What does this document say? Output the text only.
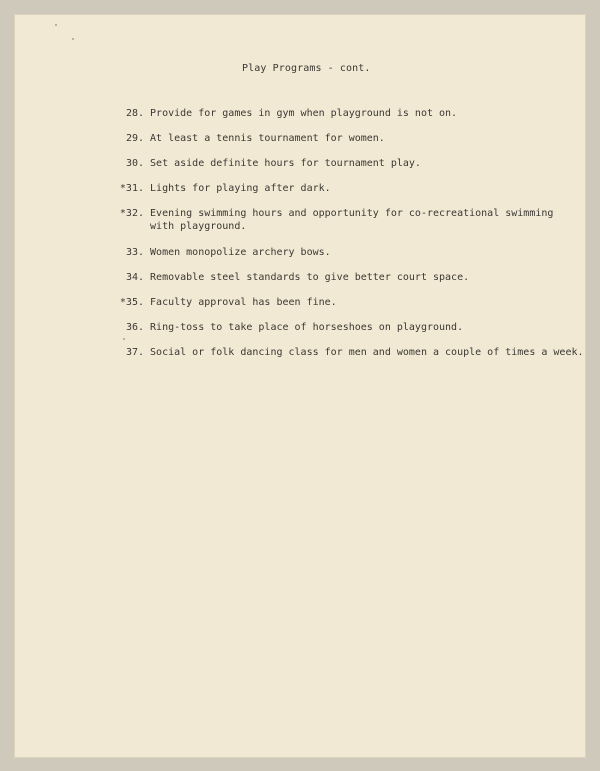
Play Programs - cont.
28. Provide for games in gym when playground is not on.
29. At least a tennis tournament for women.
30. Set aside definite hours for tournament play.
*31. Lights for playing after dark.
*32. Evening swimming hours and opportunity for co-recreational swimming with playground.
33. Women monopolize archery bows.
34. Removable steel standards to give better court space.
*35. Faculty approval has been fine.
36. Ring-toss to take place of horseshoes on playground.
37. Social or folk dancing class for men and women a couple of times a week.
